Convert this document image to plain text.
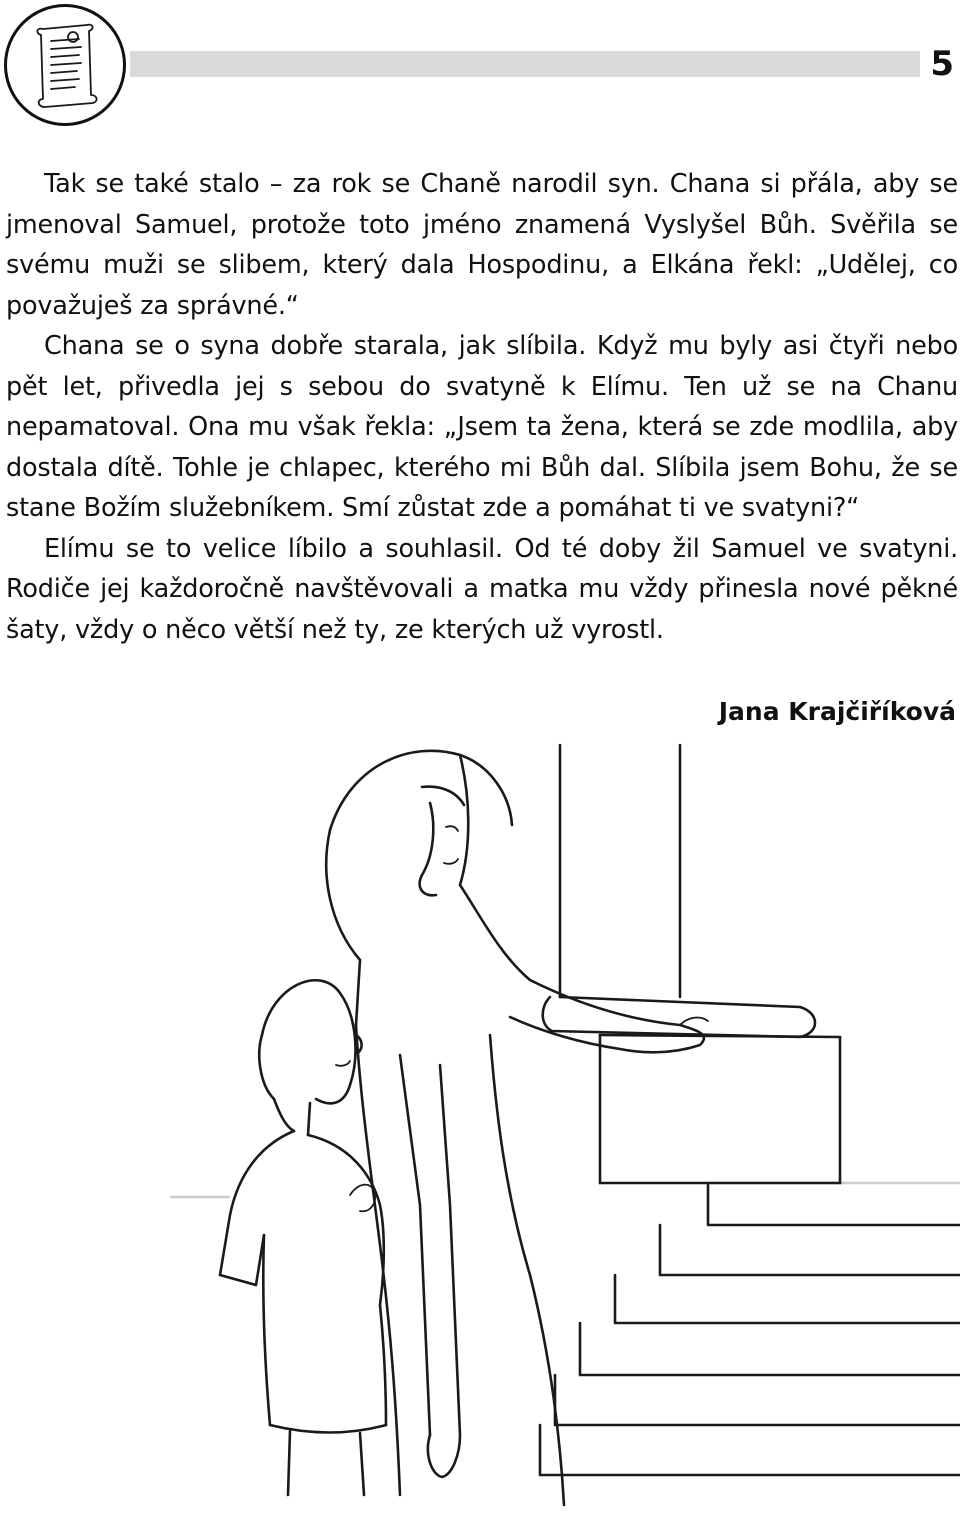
5

Tak se také stalo – za rok se Chaně narodil syn. Chana si přála, aby se jmenoval Samuel, protože toto jméno znamená Vyslyšel Bůh. Svěřila se svému muži se slibem, který dala Hospodinu, a Elkána řekl: „Udělej, co považuješ za správné.“

Chana se o syna dobře starala, jak slíbila. Když mu byly asi čtyři nebo pět let, přivedla jej s sebou do svatyně k Elímu. Ten už se na Chanu nepamatoval. Ona mu však řekla: „Jsem ta žena, která se zde modlila, aby dostala dítě. Tohle je chlapec, kterého mi Bůh dal. Slíbila jsem Bohu, že se stane Božím služebníkem. Smí zůstat zde a pomáhat ti ve svatyni?“

Elímu se to velice líbilo a souhlasil. Od té doby žil Samuel ve svatyni. Rodiče jej každoročně navštěvovali a matka mu vždy přinesla nové pěkné šaty, vždy o něco větší než ty, ze kterých už vyrostl.

Jana Krajčiříková
